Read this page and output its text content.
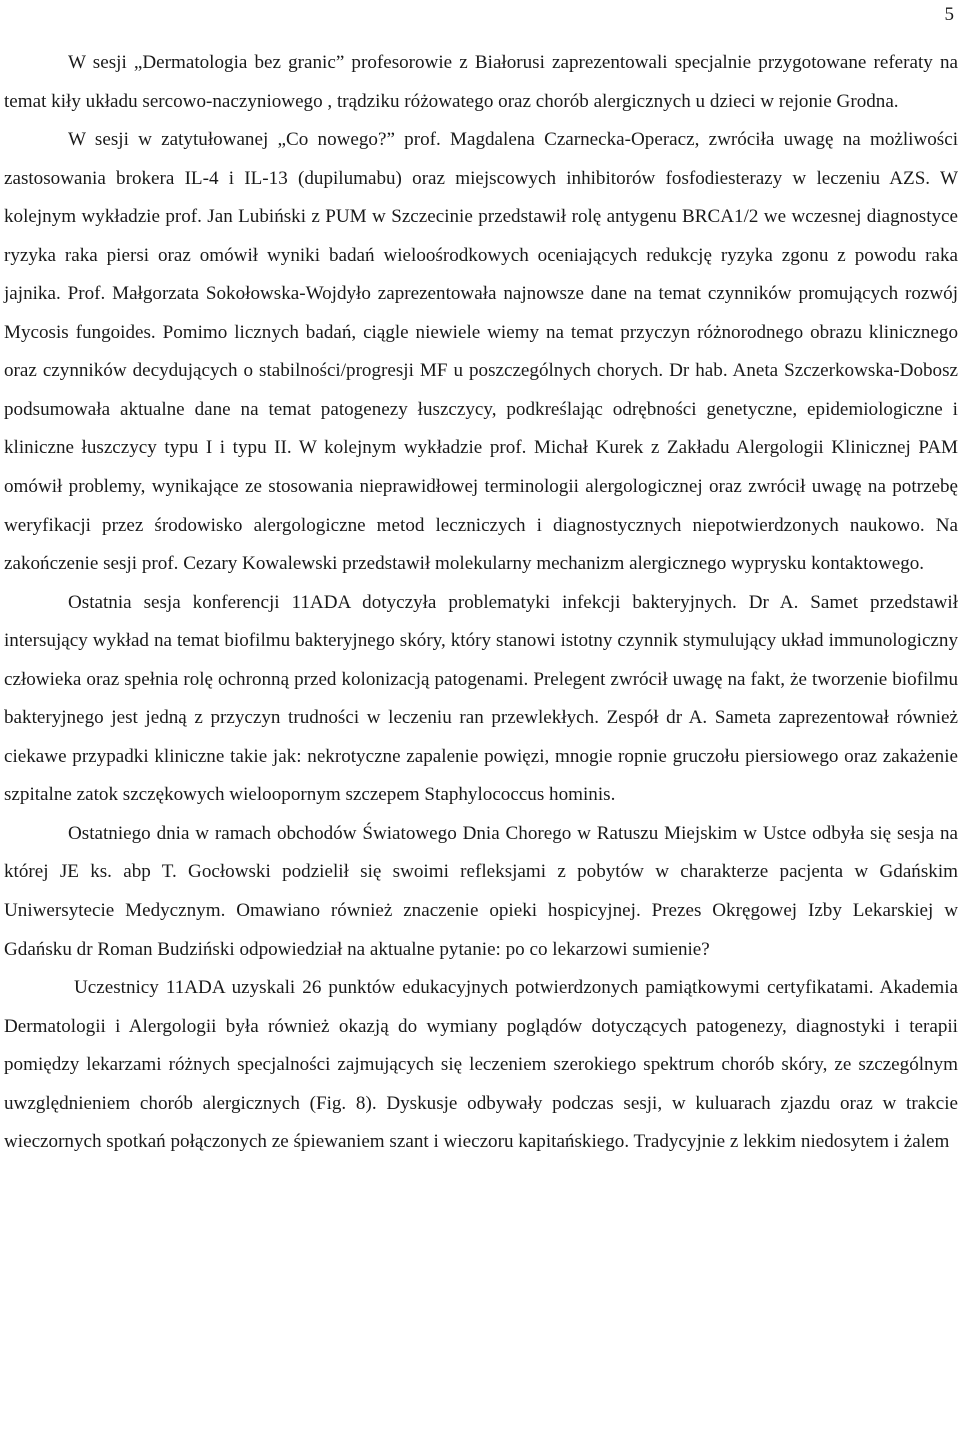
5

W sesji „Dermatologia bez granic” profesorowie z Białorusi zaprezentowali specjalnie przygotowane referaty na temat kiły układu sercowo-naczyniowego , trądziku różowatego oraz chorób alergicznych u dzieci w rejonie Grodna.

W sesji w zatytułowanej „Co nowego?” prof. Magdalena Czarnecka-Operacz, zwróciła uwagę na możliwości zastosowania brokera IL-4 i IL-13 (dupilumabu) oraz miejscowych inhibitorów fosfodiesterazy w leczeniu AZS. W kolejnym wykładzie prof. Jan Lubiński z PUM w Szczecinie przedstawił rolę antygenu BRCA1/2 we wczesnej diagnostyce ryzyka raka piersi oraz omówił wyniki badań wieloośrodkowych oceniających redukcję ryzyka zgonu z powodu raka jajnika. Prof. Małgorzata Sokołowska-Wojdyło zaprezentowała najnowsze dane na temat czynników promujących rozwój Mycosis fungoides. Pomimo licznych badań, ciągle niewiele wiemy na temat przyczyn różnorodnego obrazu klinicznego oraz czynników decydujących o stabilności/progresji MF u poszczególnych chorych. Dr hab. Aneta Szczerkowska-Dobosz podsumowała aktualne dane na temat patogenezy łuszczycy, podkreślając odrębności genetyczne, epidemiologiczne i kliniczne łuszczycy typu I i typu II. W kolejnym wykładzie prof. Michał Kurek z Zakładu Alergologii Klinicznej PAM omówił problemy, wynikające ze stosowania nieprawidłowej terminologii alergologicznej oraz zwrócił uwagę na potrzebę weryfikacji przez środowisko alergologiczne metod leczniczych i diagnostycznych niepotwierdzonych naukowo. Na zakończenie sesji prof. Cezary Kowalewski przedstawił molekularny mechanizm alergicznego wyprysku kontaktowego.

Ostatnia sesja konferencji 11ADA dotyczyła problematyki infekcji bakteryjnych. Dr A. Samet przedstawił intersujący wykład na temat biofilmu bakteryjnego skóry, który stanowi istotny czynnik stymulujący układ immunologiczny człowieka oraz spełnia rolę ochronną przed kolonizacją patogenami. Prelegent zwrócił uwagę na fakt, że tworzenie biofilmu bakteryjnego jest jedną z przyczyn trudności w leczeniu ran przewlekłych. Zespół dr A. Sameta zaprezentował również ciekawe przypadki kliniczne takie jak: nekrotyczne zapalenie powięzi, mnogie ropnie gruczołu piersiowego oraz zakażenie szpitalne zatok szczękowych wieloopornym szczepem Staphylococcus hominis.

Ostatniego dnia w ramach obchodów Światowego Dnia Chorego w Ratuszu Miejskim w Ustce odbyła się sesja na której JE ks. abp T. Gocłowski podzielił się swoimi refleksjami z pobytów w charakterze pacjenta w Gdańskim Uniwersytecie Medycznym. Omawiano również znaczenie opieki hospicyjnej. Prezes Okręgowej Izby Lekarskiej w Gdańsku dr Roman Budziński odpowiedział na aktualne pytanie: po co lekarzowi sumienie?

Uczestnicy 11ADA uzyskali 26 punktów edukacyjnych potwierdzonych pamiątkowymi certyfikatami. Akademia Dermatologii i Alergologii była również okazją do wymiany poglądów dotyczących patogenezy, diagnostyki i terapii pomiędzy lekarzami różnych specjalności zajmujących się leczeniem szerokiego spektrum chorób skóry, ze szczególnym uwzględnieniem chorób alergicznych (Fig. 8). Dyskusje odbywały podczas sesji, w kuluarach zjazdu oraz w trakcie wieczornych spotkań połączonych ze śpiewaniem szant i wieczoru kapitańskiego. Tradycyjnie z lekkim niedosytem i żalem
